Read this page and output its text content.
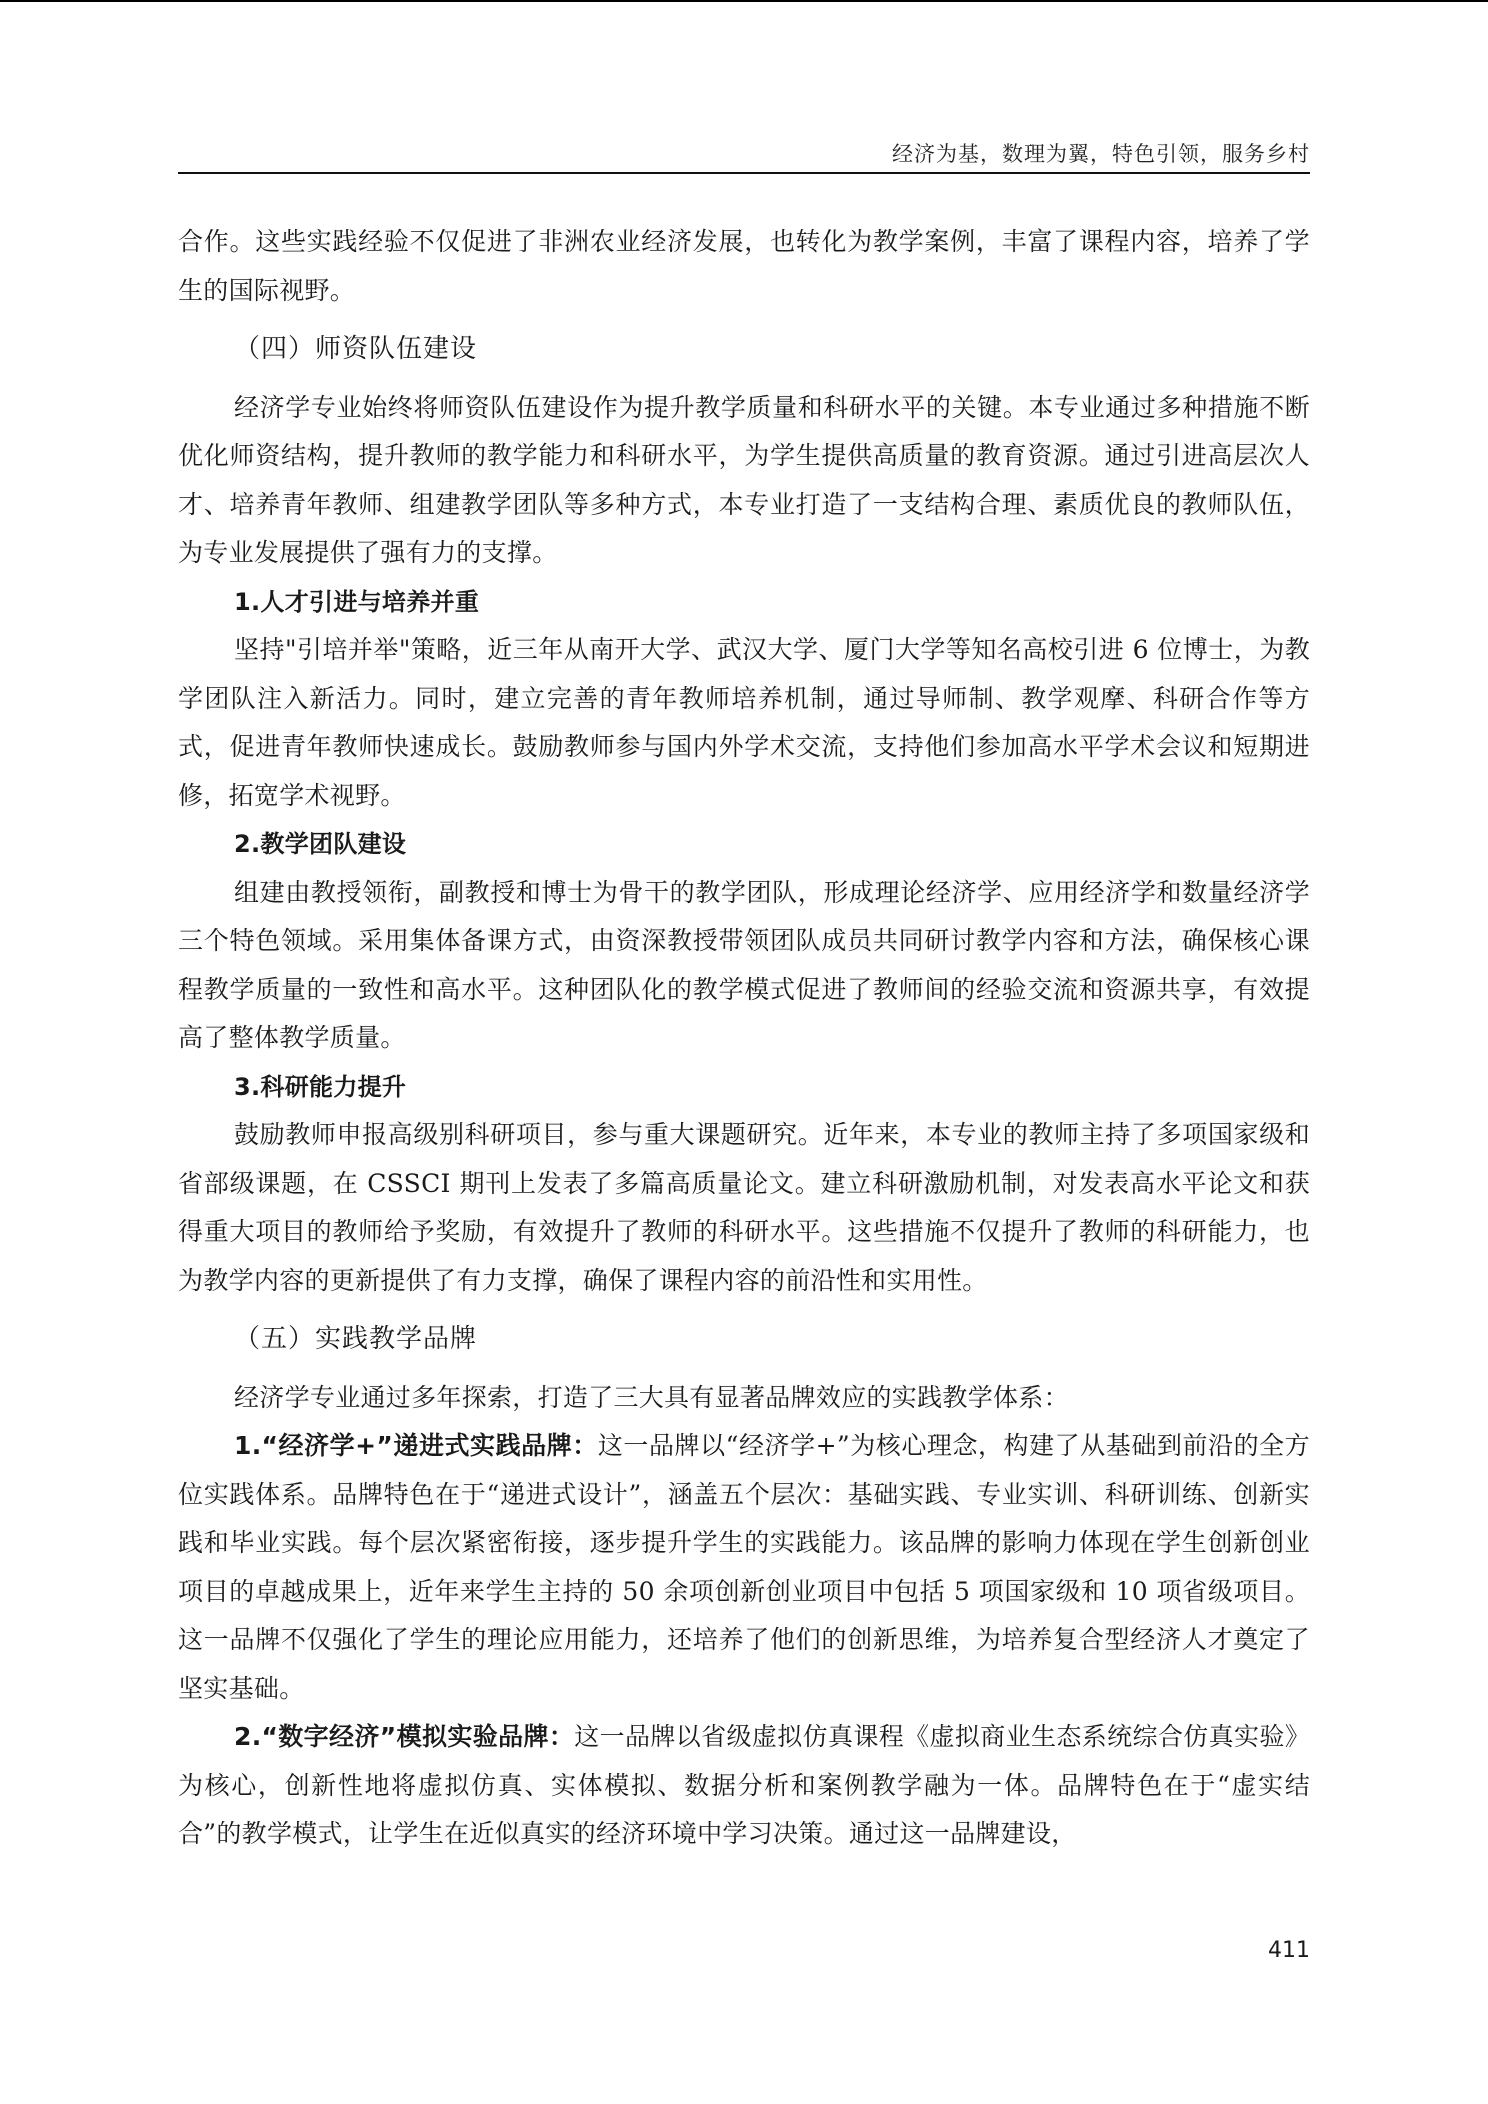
经济为基，数理为翼，特色引领，服务乡村

合作。这些实践经验不仅促进了非洲农业经济发展，也转化为教学案例，丰富了课程内容，培养了学生的国际视野。

（四）师资队伍建设

经济学专业始终将师资队伍建设作为提升教学质量和科研水平的关键。本专业通过多种措施不断优化师资结构，提升教师的教学能力和科研水平，为学生提供高质量的教育资源。通过引进高层次人才、培养青年教师、组建教学团队等多种方式，本专业打造了一支结构合理、素质优良的教师队伍，为专业发展提供了强有力的支撑。

1.人才引进与培养并重

坚持"引培并举"策略，近三年从南开大学、武汉大学、厦门大学等知名高校引进 6 位博士，为教学团队注入新活力。同时，建立完善的青年教师培养机制，通过导师制、教学观摩、科研合作等方式，促进青年教师快速成长。鼓励教师参与国内外学术交流，支持他们参加高水平学术会议和短期进修，拓宽学术视野。

2.教学团队建设

组建由教授领衔，副教授和博士为骨干的教学团队，形成理论经济学、应用经济学和数量经济学三个特色领域。采用集体备课方式，由资深教授带领团队成员共同研讨教学内容和方法，确保核心课程教学质量的一致性和高水平。这种团队化的教学模式促进了教师间的经验交流和资源共享，有效提高了整体教学质量。

3.科研能力提升

鼓励教师申报高级别科研项目，参与重大课题研究。近年来，本专业的教师主持了多项国家级和省部级课题，在 CSSCI 期刊上发表了多篇高质量论文。建立科研激励机制，对发表高水平论文和获得重大项目的教师给予奖励，有效提升了教师的科研水平。这些措施不仅提升了教师的科研能力，也为教学内容的更新提供了有力支撑，确保了课程内容的前沿性和实用性。

（五）实践教学品牌

经济学专业通过多年探索，打造了三大具有显著品牌效应的实践教学体系：

1.“经济学+”递进式实践品牌：这一品牌以“经济学+”为核心理念，构建了从基础到前沿的全方位实践体系。品牌特色在于“递进式设计”，涵盖五个层次：基础实践、专业实训、科研训练、创新实践和毕业实践。每个层次紧密衔接，逐步提升学生的实践能力。该品牌的影响力体现在学生创新创业项目的卓越成果上，近年来学生主持的 50 余项创新创业项目中包括 5 项国家级和 10 项省级项目。这一品牌不仅强化了学生的理论应用能力，还培养了他们的创新思维，为培养复合型经济人才奠定了坚实基础。

2.“数字经济”模拟实验品牌：这一品牌以省级虚拟仿真课程《虚拟商业生态系统综合仿真实验》为核心，创新性地将虚拟仿真、实体模拟、数据分析和案例教学融为一体。品牌特色在于“虚实结合”的教学模式，让学生在近似真实的经济环境中学习决策。通过这一品牌建设，

411
